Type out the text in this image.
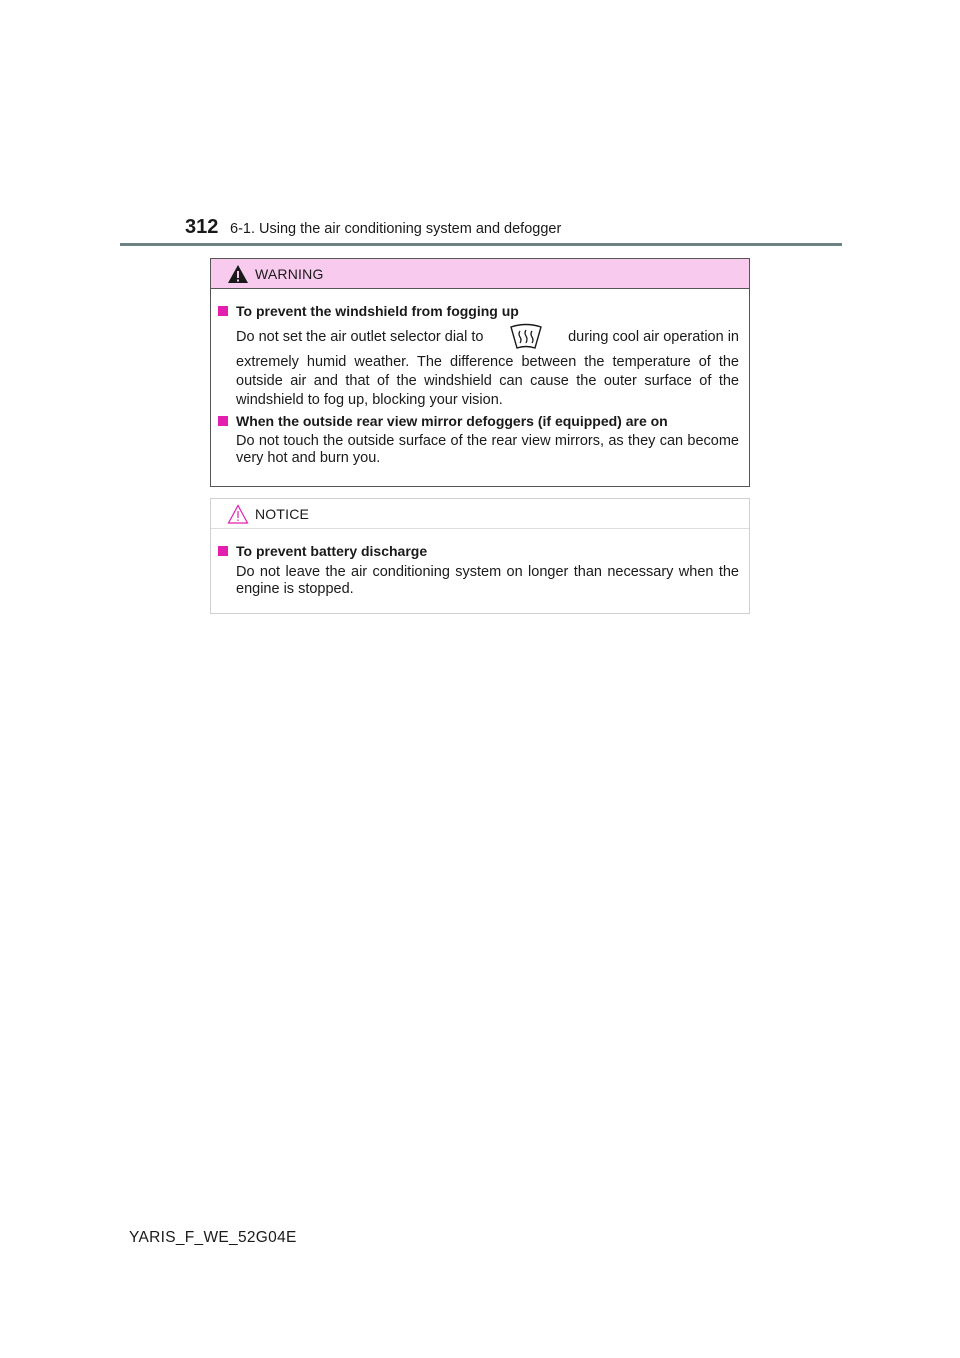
312 6-1. Using the air conditioning system and defogger
WARNING
To prevent the windshield from fogging up
Do not set the air outlet selector dial to	during cool air operation in
extremely humid weather. The difference between the temperature of the
outside air and that of the windshield can cause the outer surface of the
windshield to fog up, blocking your vision.
When the outside rear view mirror defoggers (if equipped) are on
Do not touch the outside surface of the rear view mirrors, as they can become very hot and burn you.
NOTICE
To prevent battery discharge
Do not leave the air conditioning system on longer than necessary when the engine is stopped.
YARIS_F_WE_52G04E
